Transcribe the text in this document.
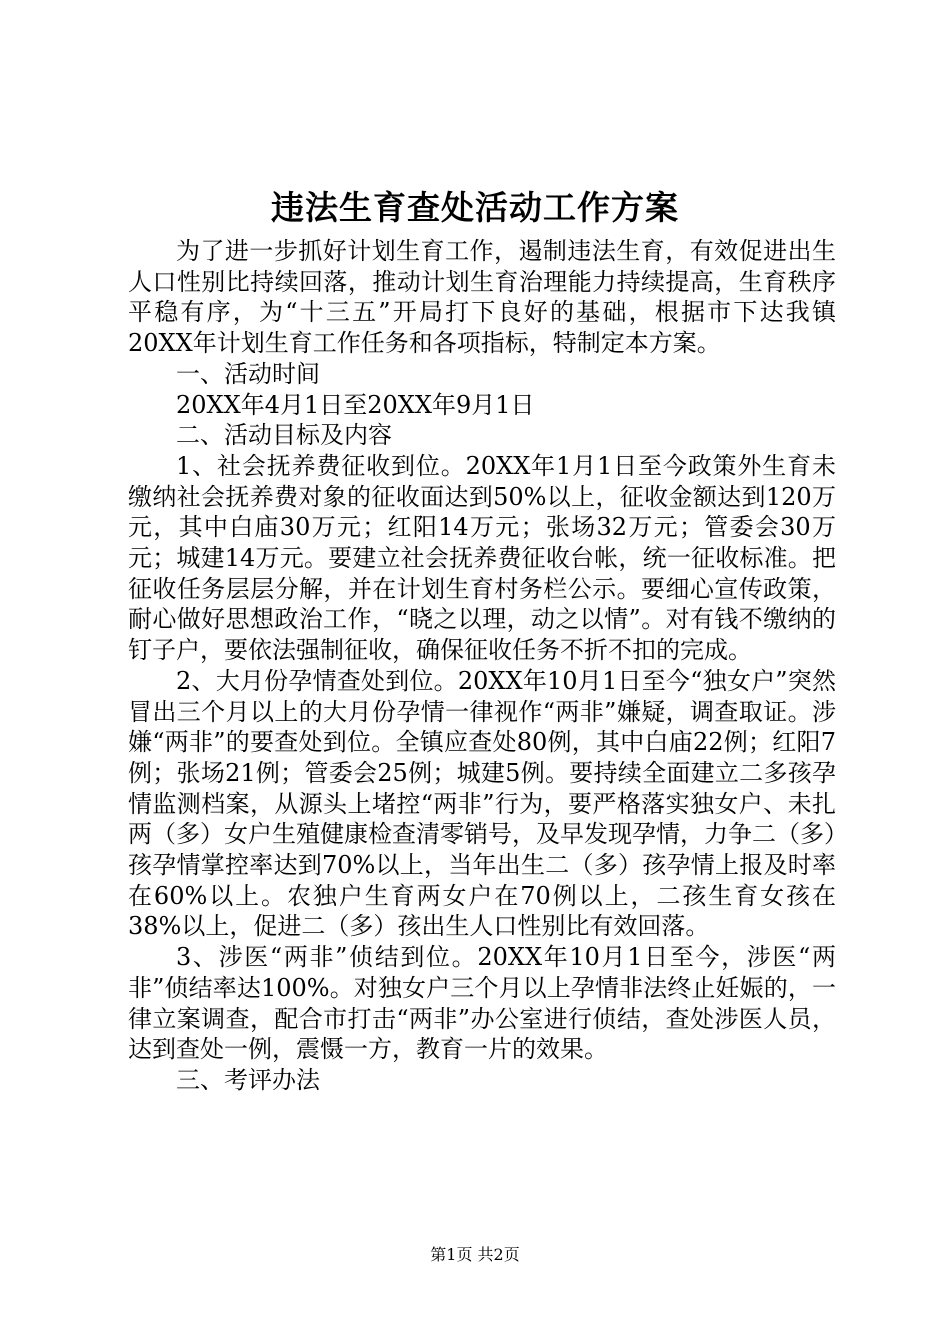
违法生育查处活动工作方案

为了进一步抓好计划生育工作，遏制违法生育，有效促进出生人口性别比持续回落，推动计划生育治理能力持续提高，生育秩序平稳有序，为“十三五”开局打下良好的基础，根据市下达我镇20XX年计划生育工作任务和各项指标，特制定本方案。

一、活动时间

20XX年4月1日至20XX年9月1日

二、活动目标及内容

1、社会抚养费征收到位。20XX年1月1日至今政策外生育未缴纳社会抚养费对象的征收面达到50%以上，征收金额达到120万元，其中白庙30万元；红阳14万元；张场32万元；管委会30万元；城建14万元。要建立社会抚养费征收台帐，统一征收标准。把征收任务层层分解，并在计划生育村务栏公示。要细心宣传政策，耐心做好思想政治工作，“晓之以理，动之以情”。对有钱不缴纳的钉子户，要依法强制征收，确保征收任务不折不扣的完成。

2、大月份孕情查处到位。20XX年10月1日至今“独女户”突然冒出三个月以上的大月份孕情一律视作“两非”嫌疑，调查取证。涉嫌“两非”的要查处到位。全镇应查处80例，其中白庙22例；红阳7例；张场21例；管委会25例；城建5例。要持续全面建立二多孩孕情监测档案，从源头上堵控“两非”行为，要严格落实独女户、未扎两（多）女户生殖健康检查清零销号，及早发现孕情，力争二（多）孩孕情掌控率达到70%以上，当年出生二（多）孩孕情上报及时率在60%以上。农独户生育两女户在70例以上，二孩生育女孩在38%以上，促进二（多）孩出生人口性别比有效回落。

3、涉医“两非”侦结到位。20XX年10月1日至今，涉医“两非”侦结率达100%。对独女户三个月以上孕情非法终止妊娠的，一律立案调查，配合市打击“两非”办公室进行侦结，查处涉医人员，达到查处一例，震慑一方，教育一片的效果。

三、考评办法

第1页 共2页
